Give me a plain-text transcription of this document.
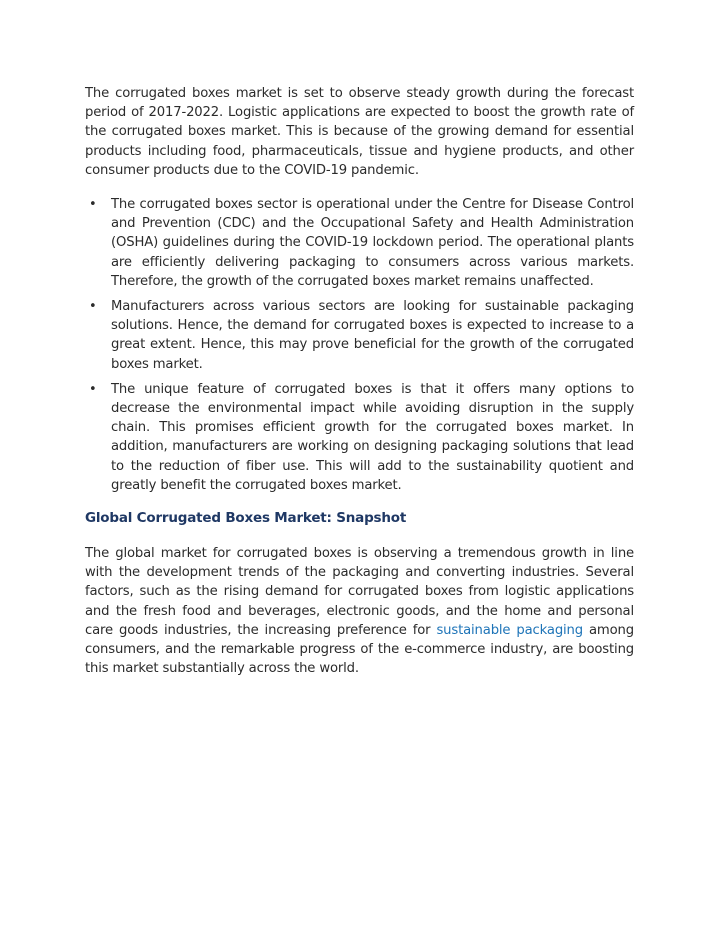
The corrugated boxes market is set to observe steady growth during the forecast period of 2017-2022. Logistic applications are expected to boost the growth rate of the corrugated boxes market. This is because of the growing demand for essential products including food, pharmaceuticals, tissue and hygiene products, and other consumer products due to the COVID-19 pandemic.

• The corrugated boxes sector is operational under the Centre for Disease Control and Prevention (CDC) and the Occupational Safety and Health Administration (OSHA) guidelines during the COVID-19 lockdown period. The operational plants are efficiently delivering packaging to consumers across various markets. Therefore, the growth of the corrugated boxes market remains unaffected.
• Manufacturers across various sectors are looking for sustainable packaging solutions. Hence, the demand for corrugated boxes is expected to increase to a great extent. Hence, this may prove beneficial for the growth of the corrugated boxes market.
• The unique feature of corrugated boxes is that it offers many options to decrease the environmental impact while avoiding disruption in the supply chain. This promises efficient growth for the corrugated boxes market. In addition, manufacturers are working on designing packaging solutions that lead to the reduction of fiber use. This will add to the sustainability quotient and greatly benefit the corrugated boxes market.
Global Corrugated Boxes Market: Snapshot

The global market for corrugated boxes is observing a tremendous growth in line with the development trends of the packaging and converting industries. Several factors, such as the rising demand for corrugated boxes from logistic applications and the fresh food and beverages, electronic goods, and the home and personal care goods industries, the increasing preference for sustainable packaging among consumers, and the remarkable progress of the e-commerce industry, are boosting this market substantially across the world.
